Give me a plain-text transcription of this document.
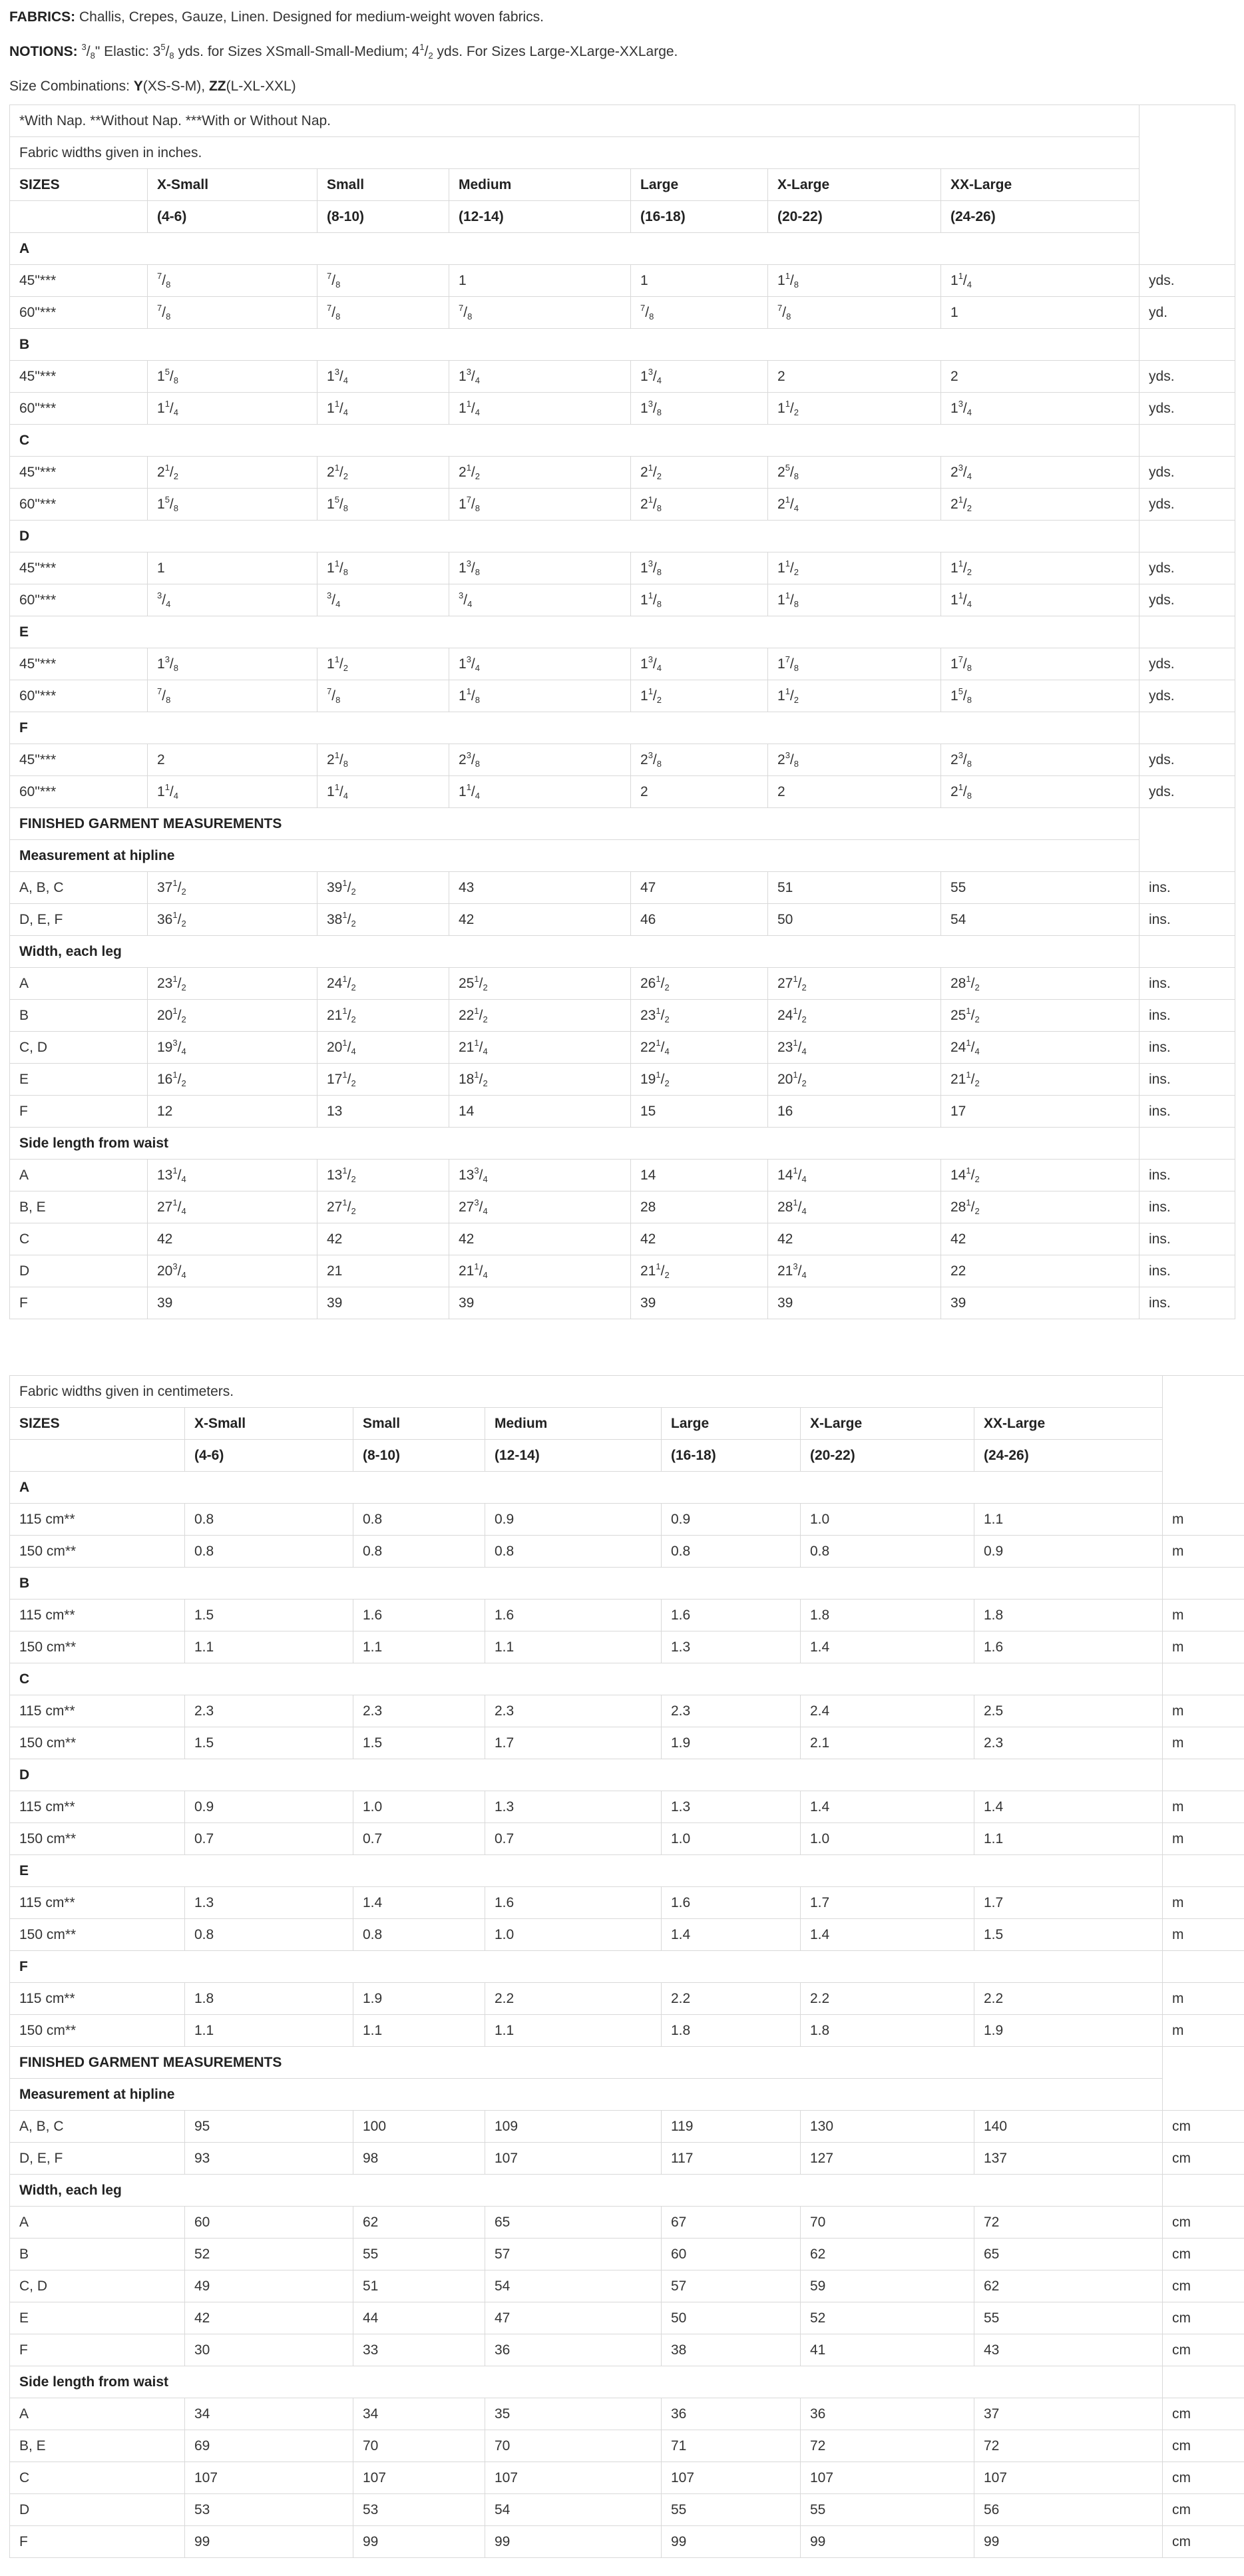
FABRICS: Challis, Crepes, Gauze, Linen. Designed for medium-weight woven fabrics.

NOTIONS: $^3/_8$" Elastic: $3^5/_8$ yds. for Sizes XSmall-Small-Medium; $4^1/_2$ yds. For Sizes Large-XLarge-XXLarge.

Size Combinations: Y(XS-S-M), ZZ(L-XL-XXL)

*With Nap. **Without Nap. ***With or Without Nap.							
Fabric widths given in inches.							
SIZES	X-Small	Small	Medium	Large	X-Large	XX-Large	
	(4-6)	(8-10)	(12-14)	(16-18)	(20-22)	(24-26)	
A							
45"***	$^7/_8$	$^7/_8$	1	1	$1^1/_8$	$1^1/_4$	yds.
60"***	$^7/_8$	$^7/_8$	$^7/_8$	$^7/_8$	$^7/_8$	1	yd.
B							
45"***	$1^5/_8$	$1^3/_4$	$1^3/_4$	$1^3/_4$	2	2	yds.
60"***	$1^1/_4$	$1^1/_4$	$1^1/_4$	$1^3/_8$	$1^1/_2$	$1^3/_4$	yds.
C							
45"***	$2^1/_2$	$2^1/_2$	$2^1/_2$	$2^1/_2$	$2^5/_8$	$2^3/_4$	yds.
60"***	$1^5/_8$	$1^5/_8$	$1^7/_8$	$2^1/_8$	$2^1/_4$	$2^1/_2$	yds.
D							
45"***	1	$1^1/_8$	$1^3/_8$	$1^3/_8$	$1^1/_2$	$1^1/_2$	yds.
60"***	$^3/_4$	$^3/_4$	$^3/_4$	$1^1/_8$	$1^1/_8$	$1^1/_4$	yds.
E							
45"***	$1^3/_8$	$1^1/_2$	$1^3/_4$	$1^3/_4$	$1^7/_8$	$1^7/_8$	yds.
60"***	$^7/_8$	$^7/_8$	$1^1/_8$	$1^1/_2$	$1^1/_2$	$1^5/_8$	yds.
F							
45"***	2	$2^1/_8$	$2^3/_8$	$2^3/_8$	$2^3/_8$	$2^3/_8$	yds.
60"***	$1^1/_4$	$1^1/_4$	$1^1/_4$	2	2	$2^1/_8$	yds.
FINISHED GARMENT MEASUREMENTS							
Measurement at hipline							
A, B, C	$37^1/_2$	$39^1/_2$	43	47	51	55	ins.
D, E, F	$36^1/_2$	$38^1/_2$	42	46	50	54	ins.
Width, each leg							
A	$23^1/_2$	$24^1/_2$	$25^1/_2$	$26^1/_2$	$27^1/_2$	$28^1/_2$	ins.
B	$20^1/_2$	$21^1/_2$	$22^1/_2$	$23^1/_2$	$24^1/_2$	$25^1/_2$	ins.
C, D	$19^3/_4$	$20^1/_4$	$21^1/_4$	$22^1/_4$	$23^1/_4$	$24^1/_4$	ins.
E	$16^1/_2$	$17^1/_2$	$18^1/_2$	$19^1/_2$	$20^1/_2$	$21^1/_2$	ins.
F	12	13	14	15	16	17	ins.
Side length from waist							
A	$13^1/_4$	$13^1/_2$	$13^3/_4$	14	$14^1/_4$	$14^1/_2$	ins.
B, E	$27^1/_4$	$27^1/_2$	$27^3/_4$	28	$28^1/_4$	$28^1/_2$	ins.
C	42	42	42	42	42	42	ins.
D	$20^3/_4$	21	$21^1/_4$	$21^1/_2$	$21^3/_4$	22	ins.
F	39	39	39	39	39	39	ins.
Fabric widths given in centimeters.							
SIZES	X-Small	Small	Medium	Large	X-Large	XX-Large	
	(4-6)	(8-10)	(12-14)	(16-18)	(20-22)	(24-26)	
A							
115 cm**	0.8	0.8	0.9	0.9	1.0	1.1	m
150 cm**	0.8	0.8	0.8	0.8	0.8	0.9	m
B							
115 cm**	1.5	1.6	1.6	1.6	1.8	1.8	m
150 cm**	1.1	1.1	1.1	1.3	1.4	1.6	m
C							
115 cm**	2.3	2.3	2.3	2.3	2.4	2.5	m
150 cm**	1.5	1.5	1.7	1.9	2.1	2.3	m
D							
115 cm**	0.9	1.0	1.3	1.3	1.4	1.4	m
150 cm**	0.7	0.7	0.7	1.0	1.0	1.1	m
E							
115 cm**	1.3	1.4	1.6	1.6	1.7	1.7	m
150 cm**	0.8	0.8	1.0	1.4	1.4	1.5	m
F							
115 cm**	1.8	1.9	2.2	2.2	2.2	2.2	m
150 cm**	1.1	1.1	1.1	1.8	1.8	1.9	m
FINISHED GARMENT MEASUREMENTS							
Measurement at hipline							
A, B, C	95	100	109	119	130	140	cm
D, E, F	93	98	107	117	127	137	cm
Width, each leg							
A	60	62	65	67	70	72	cm
B	52	55	57	60	62	65	cm
C, D	49	51	54	57	59	62	cm
E	42	44	47	50	52	55	cm
F	30	33	36	38	41	43	cm
Side length from waist							
A	34	34	35	36	36	37	cm
B, E	69	70	70	71	72	72	cm
C	107	107	107	107	107	107	cm
D	53	53	54	55	55	56	cm
F	99	99	99	99	99	99	cm
